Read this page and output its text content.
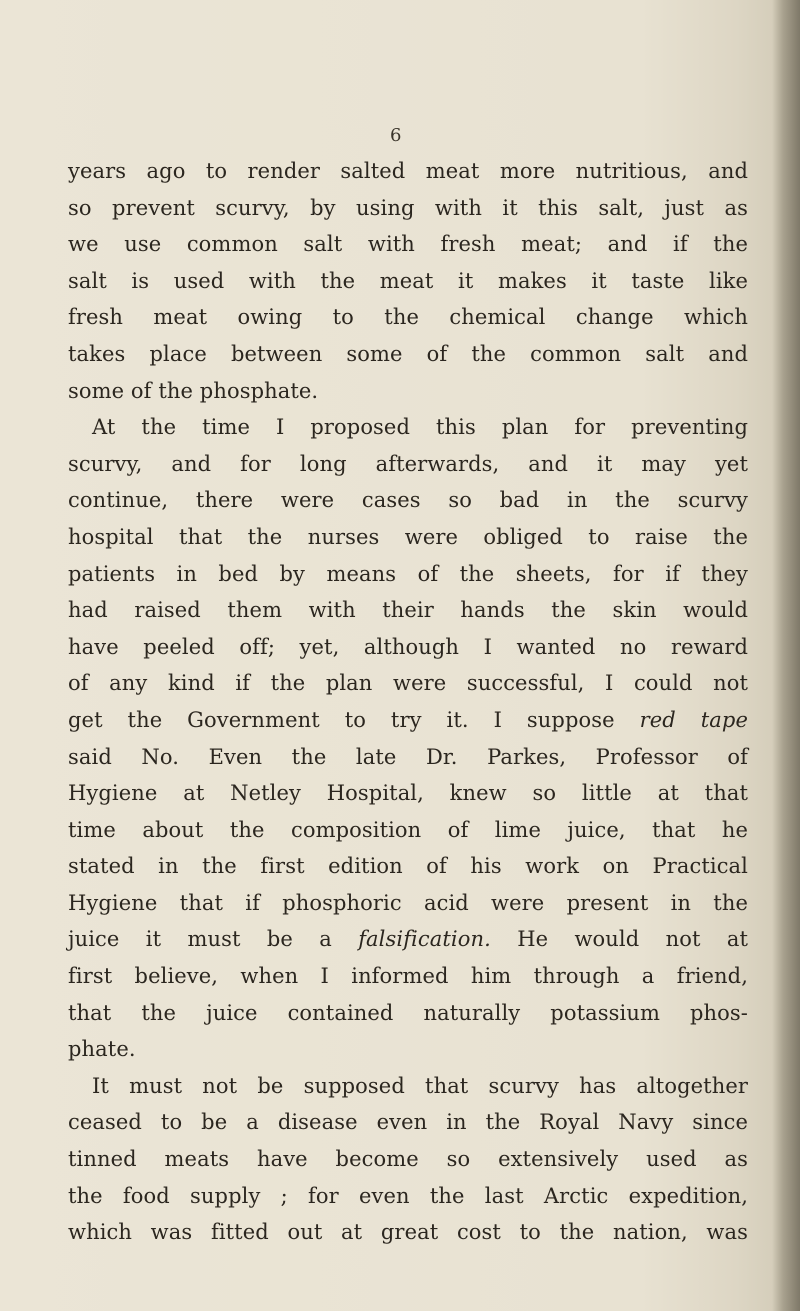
6
years ago to render salted meat more nutritious, and
so prevent scurvy, by using with it this salt, just as
we use common salt with fresh meat; and if the
salt is used with the meat it makes it taste like
fresh meat owing to the chemical change which
takes place between some of the common salt and
some of the phosphate.
At the time I proposed this plan for preventing
scurvy, and for long afterwards, and it may yet
continue, there were cases so bad in the scurvy
hospital that the nurses were obliged to raise the
patients in bed by means of the sheets, for if they
had raised them with their hands the skin would
have peeled off; yet, although I wanted no reward
of any kind if the plan were successful, I could not
get the Government to try it. I suppose red tape
said No. Even the late Dr. Parkes, Professor of
Hygiene at Netley Hospital, knew so little at that
time about the composition of lime juice, that he
stated in the first edition of his work on Practical
Hygiene that if phosphoric acid were present in the
juice it must be a falsification. He would not at
first believe, when I informed him through a friend,
that the juice contained naturally potassium phos-
phate.
It must not be supposed that scurvy has altogether
ceased to be a disease even in the Royal Navy since
tinned meats have become so extensively used as
the food supply ; for even the last Arctic expedition,
which was fitted out at great cost to the nation, was
